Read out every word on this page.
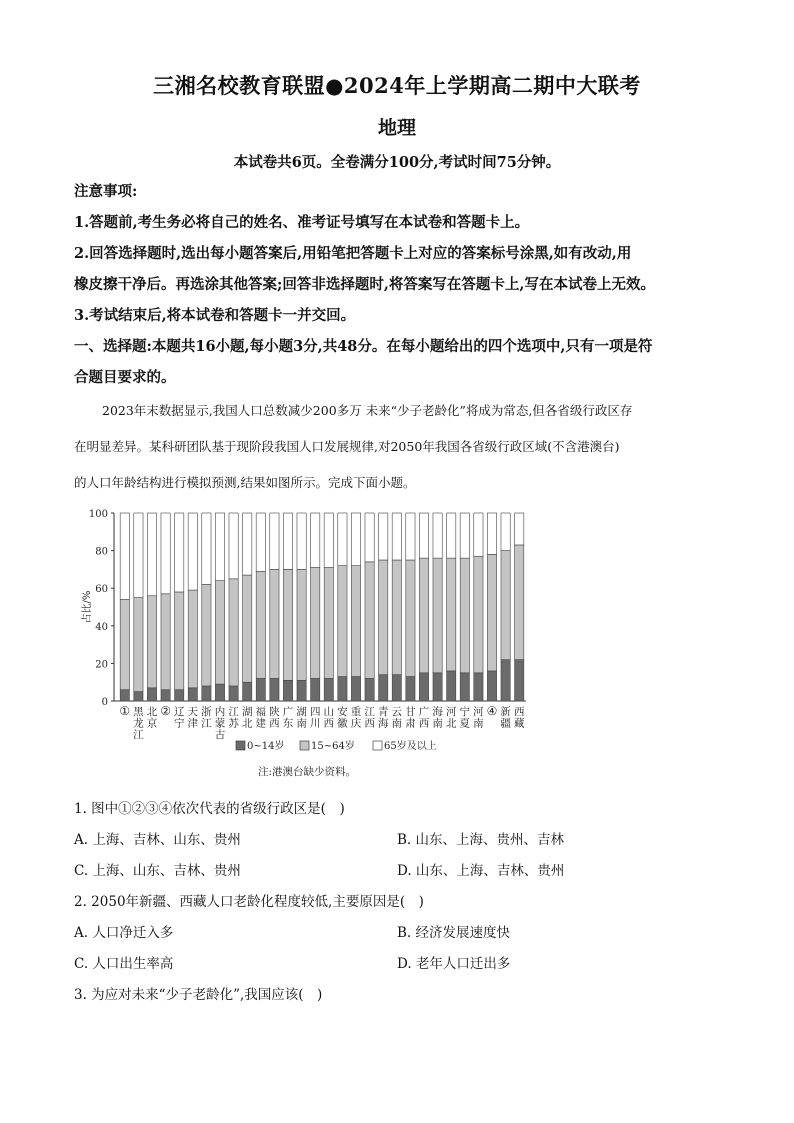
三湘名校教育联盟●2024年上学期高二期中大联考
地理
本试卷共6页。全卷满分100分,考试时间75分钟。
注意事项:
1.答题前,考生务必将自己的姓名、准考证号填写在本试卷和答题卡上。
2.回答选择题时,选出每小题答案后,用铅笔把答题卡上对应的答案标号涂黑,如有改动,用
橡皮擦干净后。再选涂其他答案;回答非选择题时,将答案写在答题卡上,写在本试卷上无效。
3.考试结束后,将本试卷和答题卡一并交回。
一、选择题:本题共16小题,每小题3分,共48分。在每小题给出的四个选项中,只有一项是符
合题目要求的。
2023年末数据显示,我国人口总数减少200多万 未来“少子老龄化”将成为常态,但各省级行政区存
在明显差异。某科研团队基于现阶段我国人口发展规律,对2050年我国各省级行政区域(不含港澳台)
的人口年龄结构进行模拟预测,结果如图所示。完成下面小题。
0
20
40
60
80
100
占比/%
① 黑
龙
江
北
京
② 辽
宁
天
津
浙
江
内
蒙
古
江
苏
湖
北
福
建
陕
西
广
东
湖
南
四
川
山
西
安
徽
重
庆
江
西
青
海
云
南
甘
肃
广
西
海
南
河
北
宁
夏
河
南
④ 新
疆
西
藏
0~14岁	15~64岁	65岁及以上
注:港澳台缺少资料。
1. 图中①②③④依次代表的省级行政区是(　)
A. 上海、吉林、山东、贵州	B. 山东、上海、贵州、吉林
C. 上海、山东、吉林、贵州	D. 山东、上海、吉林、贵州
2. 2050年新疆、西藏人口老龄化程度较低,主要原因是(　)
A. 人口净迁入多	B. 经济发展速度快
C. 人口出生率高	D. 老年人口迁出多
3. 为应对未来“少子老龄化”,我国应该(　)
